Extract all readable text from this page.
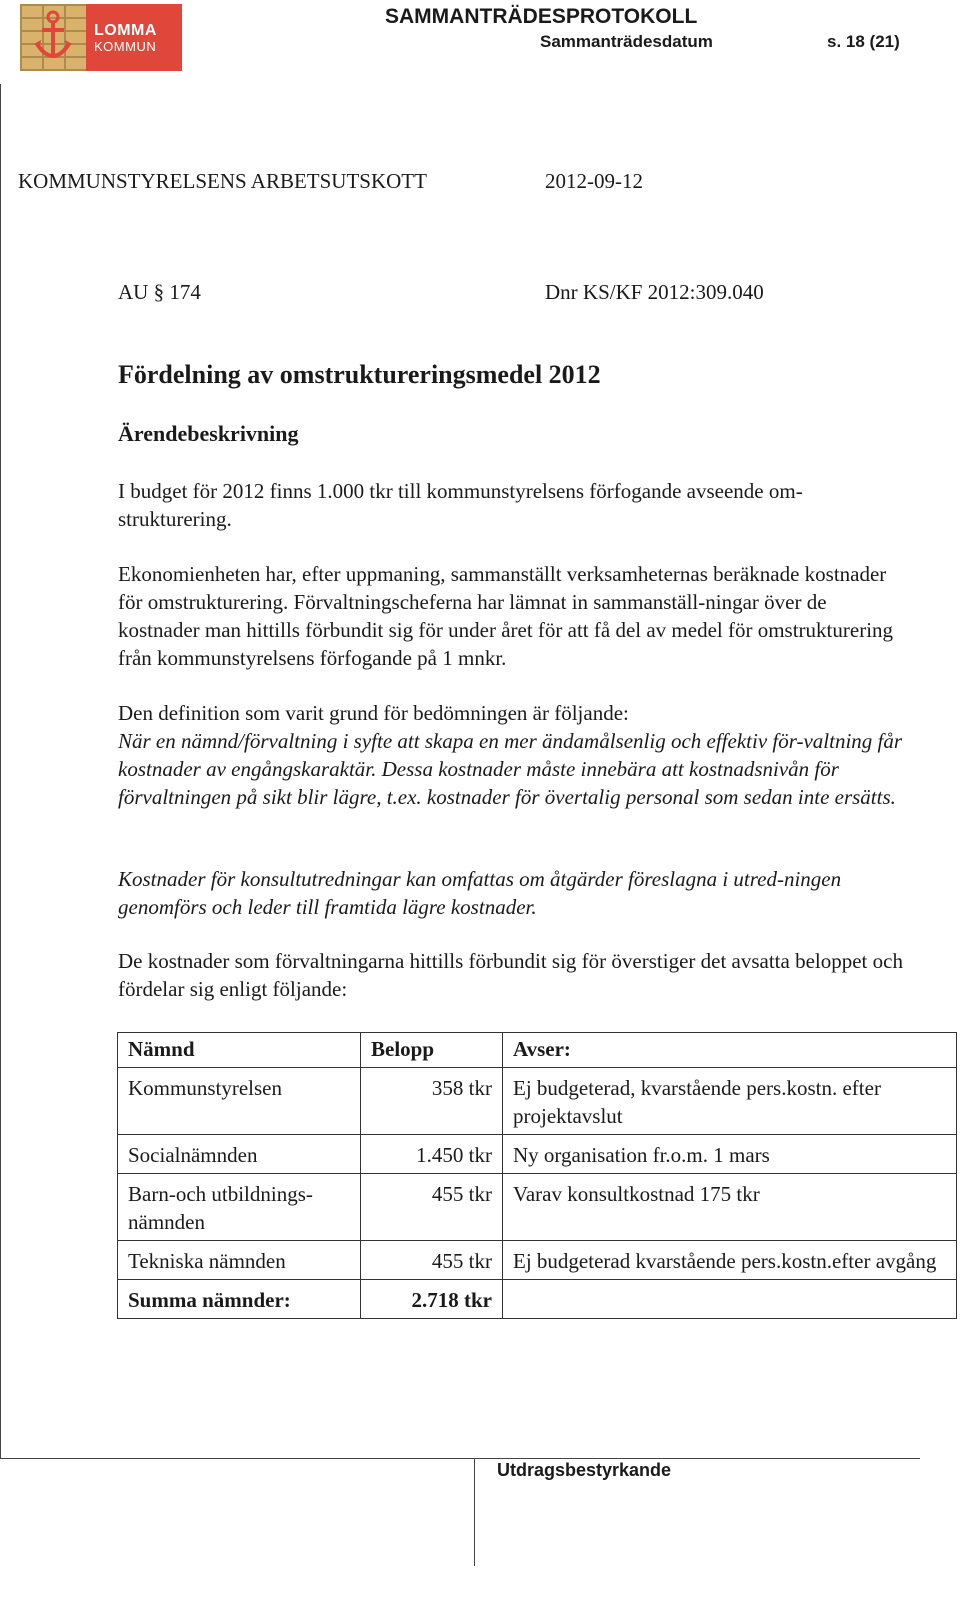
LOMMA
KOMMUN
SAMMANTRÄDESPROTOKOLL
Sammanträdesdatum	s. 18 (21)
KOMMUNSTYRELSENS ARBETSUTSKOTT	2012-09-12
AU § 174	Dnr KS/KF 2012:309.040
Fördelning av omstruktureringsmedel 2012
Ärendebeskrivning

I budget för 2012 finns 1.000 tkr till kommunstyrelsens förfogande avseende om-strukturering.

Ekonomienheten har, efter uppmaning, sammanställt verksamheternas beräknade kostnader för omstrukturering. Förvaltningscheferna har lämnat in sammanställ-ningar över de kostnader man hittills förbundit sig för under året för att få del av medel för omstrukturering från kommunstyrelsens förfogande på 1 mnkr.

Den definition som varit grund för bedömningen är följande:
När en nämnd/förvaltning i syfte att skapa en mer ändamålsenlig och effektiv för-valtning får kostnader av engångskaraktär. Dessa kostnader måste innebära att kostnadsnivån för förvaltningen på sikt blir lägre, t.ex. kostnader för övertalig personal som sedan inte ersätts.

Kostnader för konsultutredningar kan omfattas om åtgärder föreslagna i utred-ningen genomförs och leder till framtida lägre kostnader.

De kostnader som förvaltningarna hittills förbundit sig för överstiger det avsatta beloppet och fördelar sig enligt följande:

Nämnd	Belopp	Avser:
Kommunstyrelsen	358 tkr	Ej budgeterad, kvarstående pers.kostn. efter projektavslut
Socialnämnden	1.450 tkr	Ny organisation fr.o.m. 1 mars
Barn-och utbildnings-nämnden	455 tkr	Varav konsultkostnad 175 tkr
Tekniska nämnden	455 tkr	Ej budgeterad kvarstående pers.kostn.efter avgång
Summa nämnder:	2.718 tkr	
Utdragsbestyrkande
